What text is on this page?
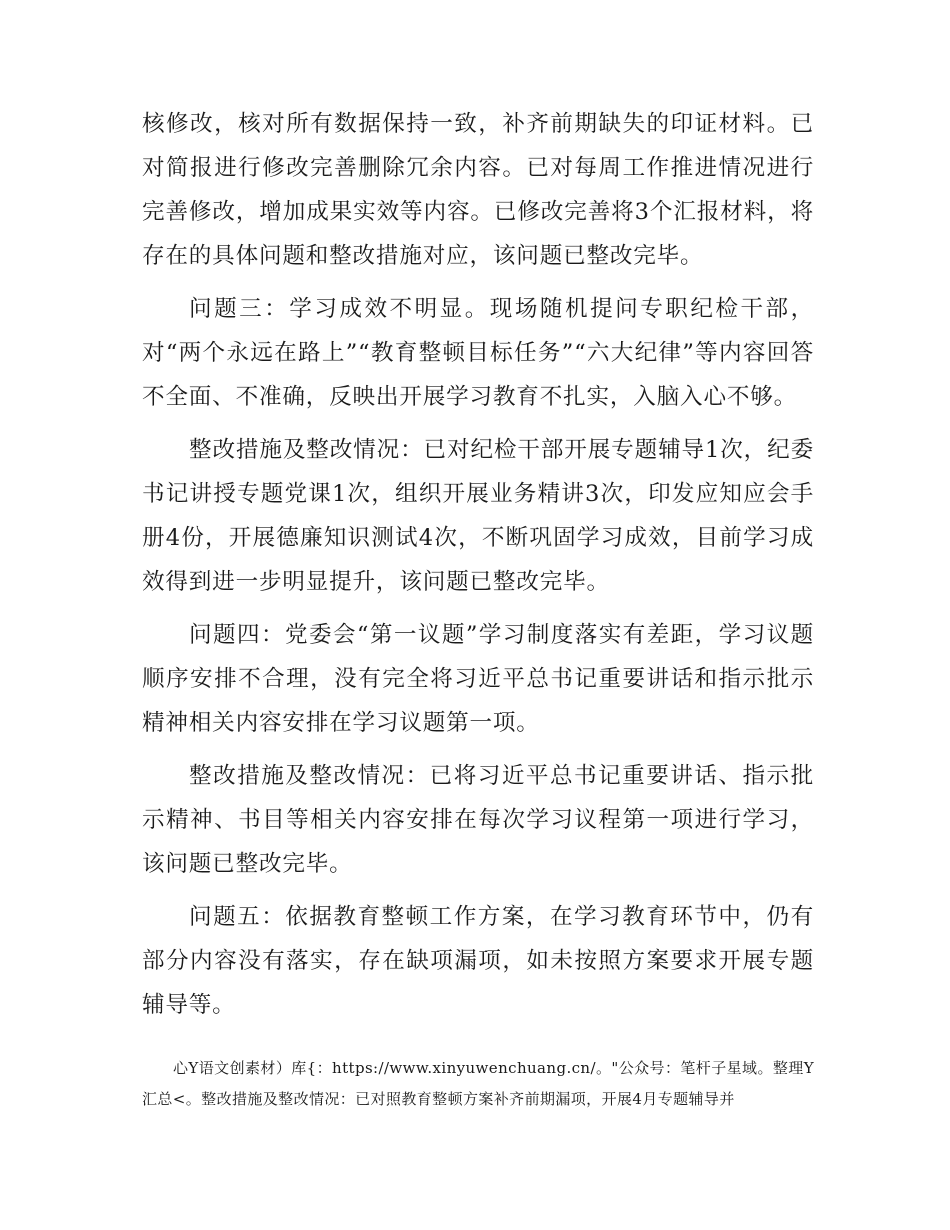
核修改，核对所有数据保持一致，补齐前期缺失的印证材料。已对简报进行修改完善删除冗余内容。已对每周工作推进情况进行完善修改，增加成果实效等内容。已修改完善将3个汇报材料，将存在的具体问题和整改措施对应，该问题已整改完毕。

问题三：学习成效不明显。现场随机提问专职纪检干部，对“两个永远在路上”“教育整顿目标任务”“六大纪律”等内容回答不全面、不准确，反映出开展学习教育不扎实，入脑入心不够。

整改措施及整改情况：已对纪检干部开展专题辅导1次，纪委书记讲授专题党课1次，组织开展业务精讲3次，印发应知应会手册4份，开展德廉知识测试4次，不断巩固学习成效，目前学习成效得到进一步明显提升，该问题已整改完毕。

问题四：党委会“第一议题”学习制度落实有差距，学习议题顺序安排不合理，没有完全将习近平总书记重要讲话和指示批示精神相关内容安排在学习议题第一项。

整改措施及整改情况：已将习近平总书记重要讲话、指示批示精神、书目等相关内容安排在每次学习议程第一项进行学习，该问题已整改完毕。

问题五：依据教育整顿工作方案，在学习教育环节中，仍有部分内容没有落实，存在缺项漏项，如未按照方案要求开展专题辅导等。

心Y语文创素材）库{：https://www.xinyuwenchuang.cn/。"公众号：笔杆子星域。整理Y汇总<。整改措施及整改情况：已对照教育整顿方案补齐前期漏项，开展4月专题辅导并
